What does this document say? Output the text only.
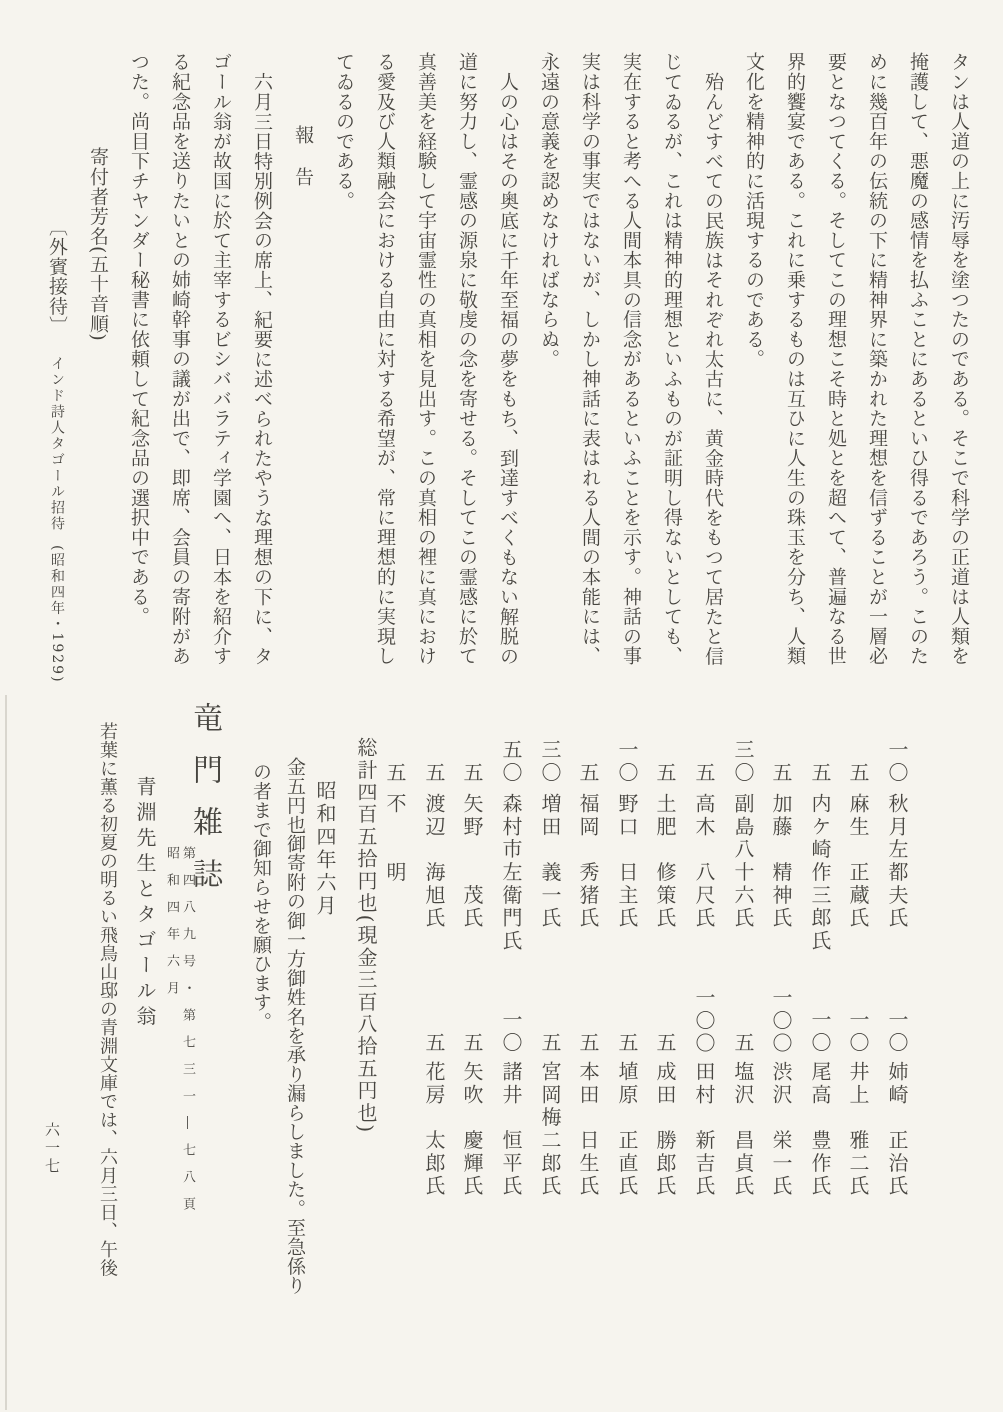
タンは人道の上に汚辱を塗つたのである。そこで科学の正道は人類を
掩護して、悪魔の感情を払ふことにあるといひ得るであろう。このた
めに幾百年の伝統の下に精神界に築かれた理想を信ずることが一層必
要となつてくる。そしてこの理想こそ時と処とを超へて、普遍なる世
界的饗宴である。これに乗するものは互ひに人生の珠玉を分ち、人類
文化を精神的に活現するのである。
殆んどすべての民族はそれぞれ太古に、黄金時代をもつて居たと信
じてゐるが、これは精神的理想といふものが証明し得ないとしても、
実在すると考へる人間本具の信念があるといふことを示す。神話の事
実は科学の事実ではないが、しかし神話に表はれる人間の本能には、
永遠の意義を認めなければならぬ。
人の心はその奥底に千年至福の夢をもち、到達すべくもない解脱の
道に努力し、霊感の源泉に敬虔の念を寄せる。そしてこの霊感に於て
真善美を経験して宇宙霊性の真相を見出す。この真相の裡に真におけ
る愛及び人類融会における自由に対する希望が、常に理想的に実現し
てゐるのである。
報　告
六月三日特別例会の席上、紀要に述べられたやうな理想の下に、タ
ゴール翁が故国に於て主宰するビシババラティ学園へ、日本を紹介す
る紀念品を送りたいとの姉崎幹事の議が出で、即席、会員の寄附があ
つた。尚目下チヤンダー秘書に依頼して紀念品の選択中である。
寄付者芳名(五十音順)
〔外賓接待〕インド詩人タゴール招待(昭和四年・1929)
一〇秋月左都夫氏
一〇姉崎　正治氏
五麻生　正蔵氏
一〇井上　雅二氏
五内ケ崎作三郎氏
一〇尾高　豊作氏
五加藤　精神氏
一〇〇渋沢　栄一氏
三〇副島八十六氏
五塩沢　昌貞氏
五高木　八尺氏
一〇〇田村　新吉氏
五土肥　修策氏
五成田　勝郎氏
一〇野口　日主氏
五埴原　正直氏
五福岡　秀猪氏
五本田　日生氏
三〇増田　義一氏
五宮岡梅二郎氏
五〇森村市左衛門氏
一〇諸井　恒平氏
五矢野　　茂氏
五矢吹　慶輝氏
五渡辺　海旭氏
五花房　太郎氏
五不　　明
総計四百五拾円也(現金三百八拾五円也)
昭和四年六月
金五円也御寄附の御一方御姓名を承り漏らしました。至急係り
の者まで御知らせを願ひます。
竜門雑誌
第四八九号・第七三一―七八頁
昭和四年六月
青淵先生とタゴール翁
若葉に薫る初夏の明るい飛鳥山邸の青淵文庫では、六月三日、午後
六一七
